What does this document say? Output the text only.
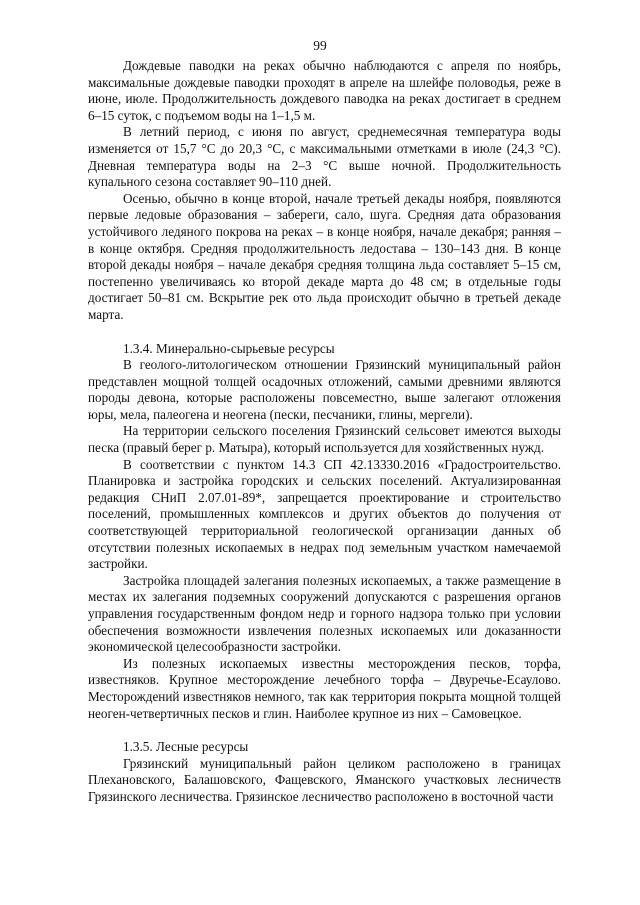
99

Дождевые паводки на реках обычно наблюдаются с апреля по ноябрь, максимальные дождевые паводки проходят в апреле на шлейфе половодья, реже в июне, июле. Продолжительность дождевого паводка на реках достигает в среднем 6–15 суток, с подъемом воды на 1–1,5 м.

В летний период, с июня по август, среднемесячная температура воды изменяется от 15,7 °С до 20,3 °С, с максимальными отметками в июле (24,3 °С). Дневная температура воды на 2–3 °С выше ночной. Продолжительность купального сезона составляет 90–110 дней.

Осенью, обычно в конце второй, начале третьей декады ноября, появляются первые ледовые образования – забереги, сало, шуга. Средняя дата образования устойчивого ледяного покрова на реках – в конце ноября, начале декабря; ранняя – в конце октября. Средняя продолжительность ледостава – 130–143 дня. В конце второй декады ноября – начале декабря средняя толщина льда составляет 5–15 см, постепенно увеличиваясь ко второй декаде марта до 48 см; в отдельные годы достигает 50–81 см. Вскрытие рек ото льда происходит обычно в третьей декаде марта.

1.3.4. Минерально-сырьевые ресурсы

В геолого-литологическом отношении Грязинский муниципальный район представлен мощной толщей осадочных отложений, самыми древними являются породы девона, которые расположены повсеместно, выше залегают отложения юры, мела, палеогена и неогена (пески, песчаники, глины, мергели).

На территории сельского поселения Грязинский сельсовет имеются выходы песка (правый берег р. Матыра), который используется для хозяйственных нужд.

В соответствии с пунктом 14.3 СП 42.13330.2016 «Градостроительство. Планировка и застройка городских и сельских поселений. Актуализированная редакция СНиП 2.07.01-89*, запрещается проектирование и строительство поселений, промышленных комплексов и других объектов до получения от соответствующей территориальной геологической организации данных об отсутствии полезных ископаемых в недрах под земельным участком намечаемой застройки.

Застройка площадей залегания полезных ископаемых, а также размещение в местах их залегания подземных сооружений допускаются с разрешения органов управления государственным фондом недр и горного надзора только при условии обеспечения возможности извлечения полезных ископаемых или доказанности экономической целесообразности застройки.

Из полезных ископаемых известны месторождения песков, торфа, известняков. Крупное месторождение лечебного торфа – Двуречье-Есаулово. Месторождений известняков немного, так как территория покрыта мощной толщей неоген-четвертичных песков и глин. Наиболее крупное из них – Самовецкое.

1.3.5. Лесные ресурсы

Грязинский муниципальный район целиком расположено в границах Плехановского, Балашовского, Фащевского, Яманского участковых лесничеств Грязинского лесничества. Грязинское лесничество расположено в восточной части
